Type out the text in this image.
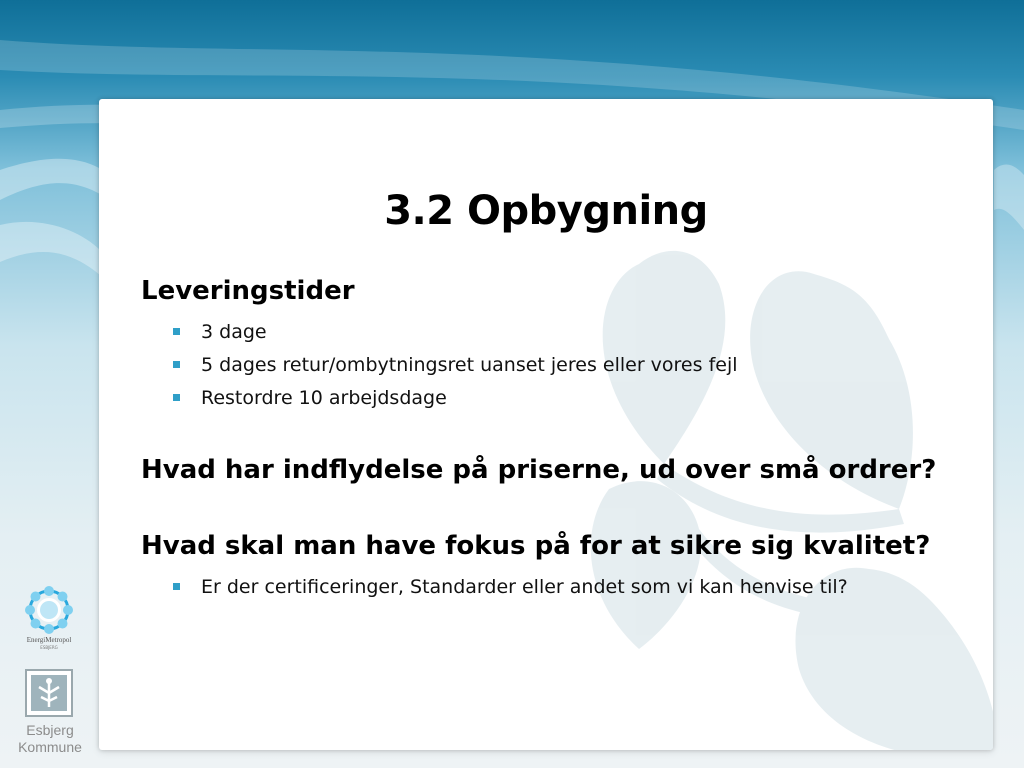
3.2 Opbygning

Leveringstider

3 dage
5 dages retur/ombytningsret uanset jeres eller vores fejl
Restordre 10 arbejdsdage

Hvad har indflydelse på priserne, ud over små ordrer?

Hvad skal man have fokus på for at sikre sig kvalitet?

Er der certificeringer, Standarder eller andet som vi kan henvise til?
EnergiMetropol
ESBJERG
Esbjerg
Kommune
